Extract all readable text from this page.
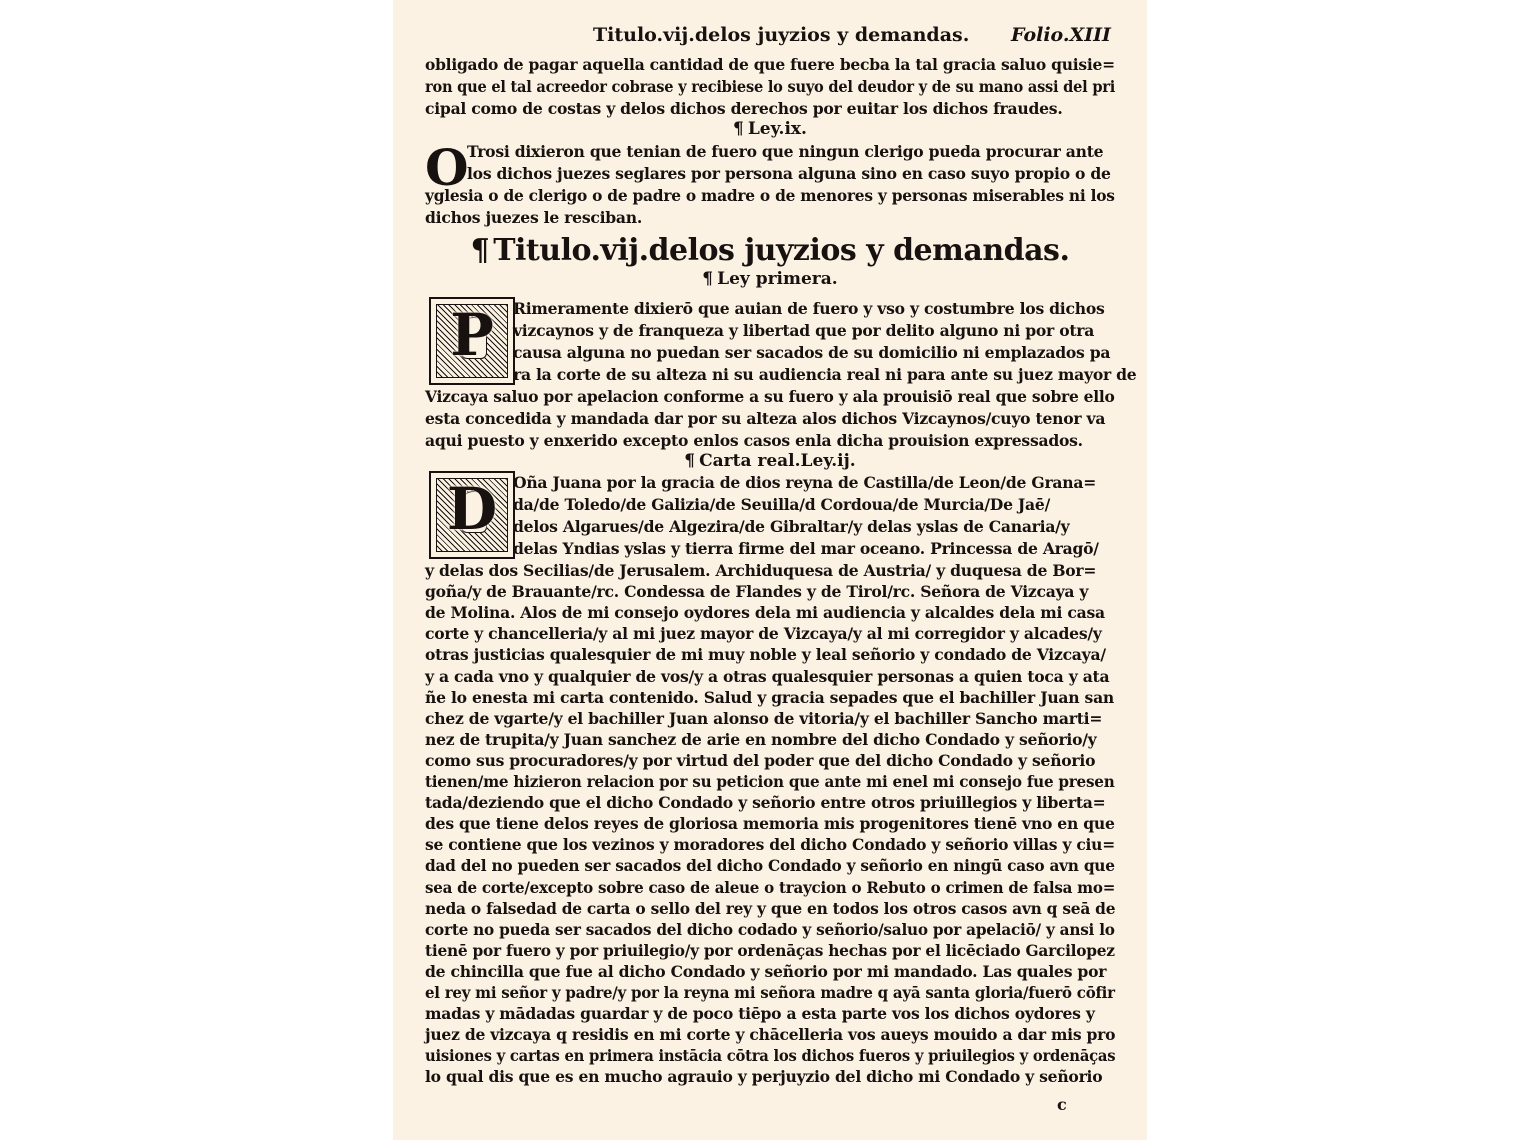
Titulo.vij.delos juyzios y demandas. Folio.XIII
obligado de pagar aquella cantidad de que fuere becba la tal gracia saluo quisie=
ron que el tal acreedor cobrase y recibiese lo suyo del deudor y de su mano assi del pri
cipal como de costas y delos dichos derechos por euitar los dichos fraudes.
¶ Ley.ix.
O
Trosi dixieron que tenian de fuero que ningun clerigo pueda procurar ante
los dichos juezes seglares por persona alguna sino en caso suyo propio o de
yglesia o de clerigo o de padre o madre o de menores y personas miserables ni los
dichos juezes le resciban.
¶ Titulo.vij.delos juyzios y demandas.
¶ Ley primera.
P	Rimeramente dixierō que auian de fuero y vso y costumbre los dichos
vizcaynos y de franqueza y libertad que por delito alguno ni por otra
causa alguna no puedan ser sacados de su domicilio ni emplazados pa
ra la corte de su alteza ni su audiencia real ni para ante su juez mayor de
Vizcaya saluo por apelacion conforme a su fuero y ala prouisiō real que sobre ello
esta concedida y mandada dar por su alteza alos dichos Vizcaynos/cuyo tenor va
aqui puesto y enxerido excepto enlos casos enla dicha prouision expressados.
¶ Carta real.Ley.ij.
D	Oña Juana por la gracia de dios reyna de Castilla/de Leon/de Grana=
da/de Toledo/de Galizia/de Seuilla/d Cordoua/de Murcia/De Jaē/
delos Algarues/de Algezira/de Gibraltar/y delas yslas de Canaria/y
delas Yndias yslas y tierra firme del mar oceano. Princessa de Aragō/
y delas dos Secilias/de Jerusalem. Archiduquesa de Austria/ y duquesa de Bor=
goña/y de Brauante/rc. Condessa de Flandes y de Tirol/rc. Señora de Vizcaya y
de Molina. Alos de mi consejo oydores dela mi audiencia y alcaldes dela mi casa
corte y chancelleria/y al mi juez mayor de Vizcaya/y al mi corregidor y alcades/y
otras justicias qualesquier de mi muy noble y leal señorio y condado de Vizcaya/
y a cada vno y qualquier de vos/y a otras qualesquier personas a quien toca y ata
ñe lo enesta mi carta contenido. Salud y gracia sepades que el bachiller Juan san
chez de vgarte/y el bachiller Juan alonso de vitoria/y el bachiller Sancho marti=
nez de trupita/y Juan sanchez de arie en nombre del dicho Condado y señorio/y
como sus procuradores/y por virtud del poder que del dicho Condado y señorio
tienen/me hizieron relacion por su peticion que ante mi enel mi consejo fue presen
tada/deziendo que el dicho Condado y señorio entre otros priuillegios y liberta=
des que tiene delos reyes de gloriosa memoria mis progenitores tienē vno en que
se contiene que los vezinos y moradores del dicho Condado y señorio villas y ciu=
dad del no pueden ser sacados del dicho Condado y señorio en ningū caso avn que
sea de corte/excepto sobre caso de aleue o traycion o Rebuto o crimen de falsa mo=
neda o falsedad de carta o sello del rey y que en todos los otros casos avn q seā de
corte no pueda ser sacados del dicho codado y señorio/saluo por apelaciō/ y ansi lo
tienē por fuero y por priuilegio/y por ordenāças hechas por el licēciado Garcilopez
de chincilla que fue al dicho Condado y señorio por mi mandado. Las quales por
el rey mi señor y padre/y por la reyna mi señora madre q ayā santa gloria/fuerō cōfir
madas y mādadas guardar y de poco tiēpo a esta parte vos los dichos oydores y
juez de vizcaya q residis en mi corte y chācelleria vos aueys mouido a dar mis pro
uisiones y cartas en primera instācia cōtra los dichos fueros y priuilegios y ordenāças
lo qual dis que es en mucho agrauio y perjuyzio del dicho mi Condado y señorio
c
